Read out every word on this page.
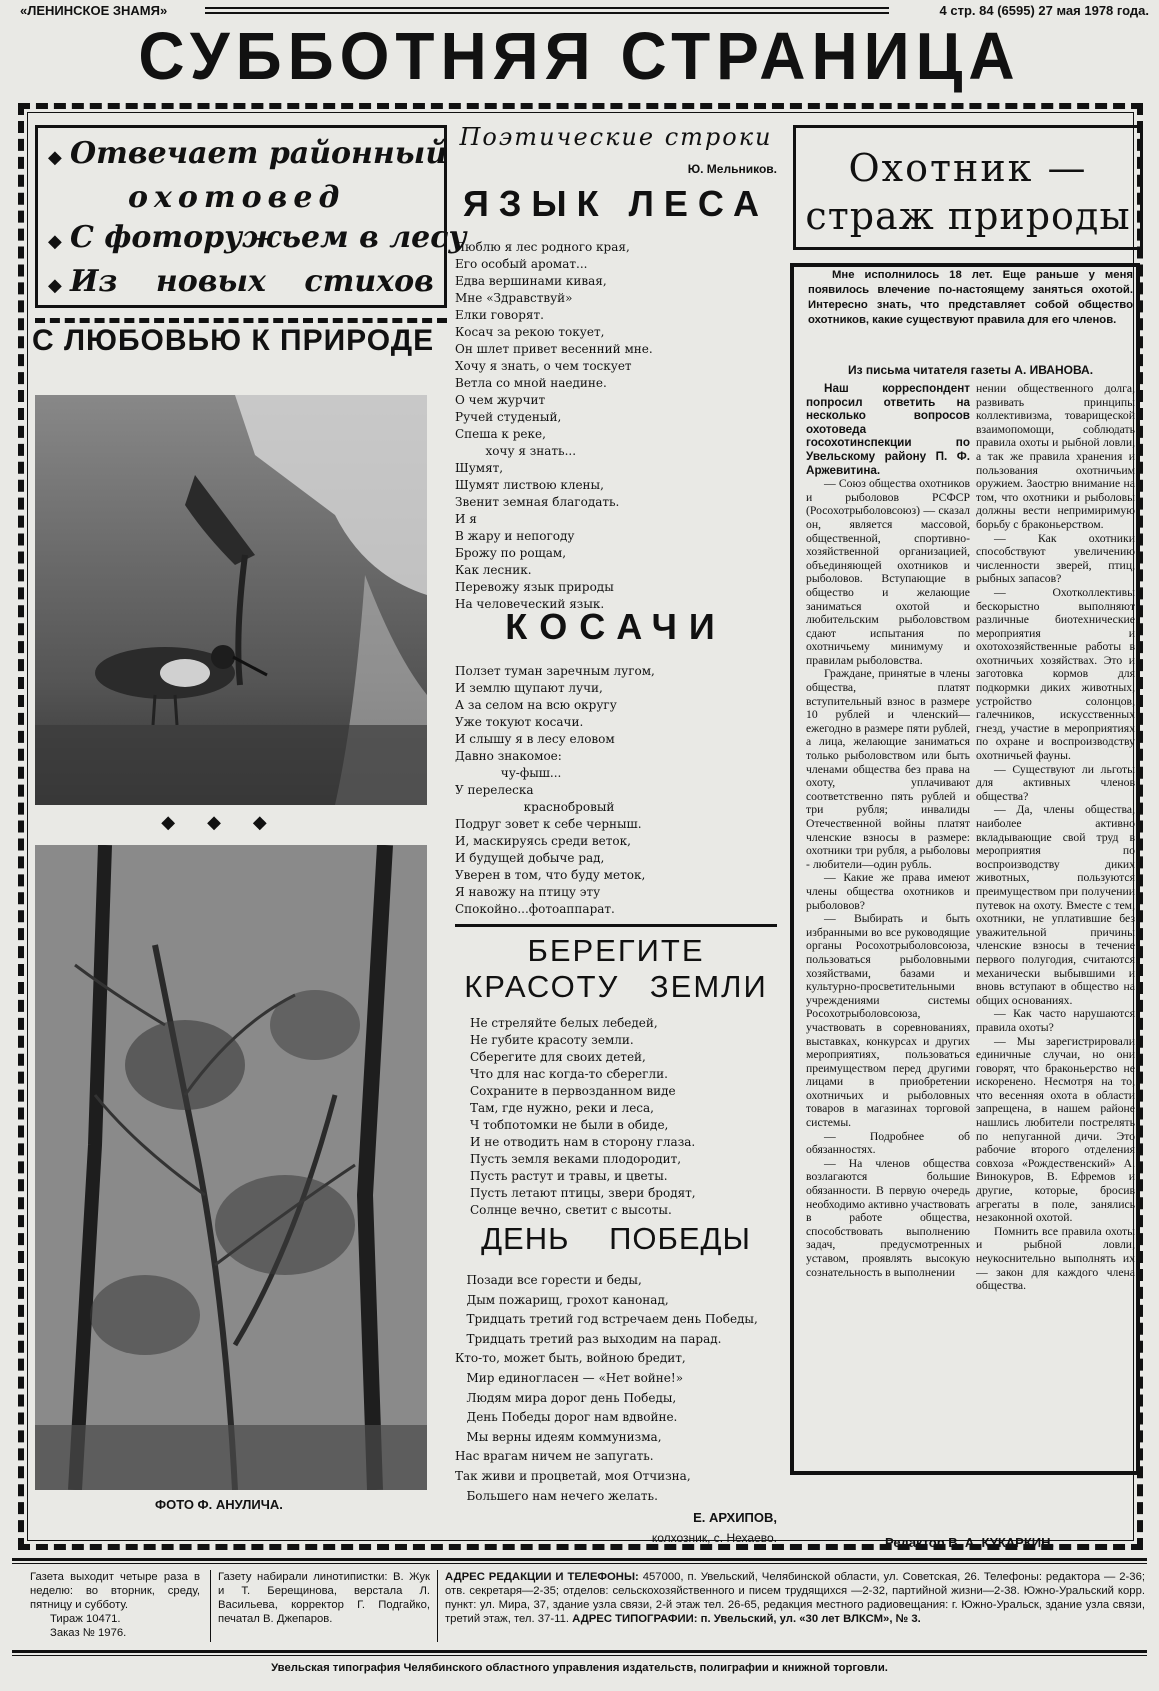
«ЛЕНИНСКОЕ ЗНАМЯ»	4 стр. 84 (6595) 27 мая 1978 года.
СУББОТНЯЯ СТРАНИЦА
◆ Отвечает районный
охотовед
◆ С фоторужьем в лесу
◆ Из новых стихов
С ЛЮБОВЬЮ К ПРИРОДЕ
◆◆◆
ФОТО Ф. АНУЛИЧА.
Поэтические строки
Ю. Мельников.
ЯЗЫК ЛЕСА
Люблю я лес родного края,
Его особый аромат...
Едва вершинами кивая,
Мне «Здравствуй»
Елки говорят.
Косач за рекою токует,
Он шлет привет весенний мне.
Хочу я знать, о чем тоскует
Ветла со мной наедине.
О чем журчит
Ручей студеный,
Спеша к реке,
хочу я знать...
Шумят,
Шумят листвою клены,
Звенит земная благодать.
И я
В жару и непогоду
Брожу по рощам,
Как лесник.
Перевожу язык природы
На человеческий язык.
КОСАЧИ
Ползет туман заречным лугом,
И землю щупают лучи,
А за селом на всю округу
Уже токуют косачи.
И слышу я в лесу еловом
Давно знакомое:
чу-фыш...
У перелеска
краснобровый
Подруг зовет к себе черныш.
И, маскируясь среди веток,
И будущей добыче рад,
Уверен в том, что буду меток,
Я навожу на птицу эту
Спокойно...фотоаппарат.
БЕРЕГИТЕ
КРАСОТУ ЗЕМЛИ
Не стреляйте белых лебедей,
Не губите красоту земли.
Сберегите для своих детей,
Что для нас когда-то сберегли.
Сохраните в первозданном виде
Там, где нужно, реки и леса,
Ч тобпотомки не были в обиде,
И не отводить нам в сторону глаза.
Пусть земля веками плодородит,
Пусть растут и травы, и цветы.
Пусть летают птицы, звери бродят,
Солнце вечно, светит с высоты.
ДЕНЬ ПОБЕДЫ
Позади все горести и беды,
Дым пожарищ, грохот канонад,
Тридцать третий год встречаем день Победы,
Тридцать третий раз выходим на парад.
Кто-то, может быть, войною бредит,
Мир единогласен — «Нет войне!»
Людям мира дорог день Победы,
День Победы дорог нам вдвойне.
Мы верны идеям коммунизма,
Нас врагам ничем не запугать.
Так живи и процветай, моя Отчизна,
Большего нам нечего желать.
Е. АРХИПОВ,
колхозник, с. Нехаево.
Охотник —
страж природы
Мне исполнилось 18 лет. Еще раньше у меня появилось влечение по-настоящему заняться охотой. Интересно знать, что представляет собой общество охотников, какие существуют правила для его членов.
Из письма читателя газеты А. ИВАНОВА.

Наш корреспондент попросил ответить на несколько вопросов охотоведа госохотинспекции по Увельскому району П. Ф. Аржевитина.

— Союз общества охотников и рыболовов РСФСР (Росохотрыболовсоюз) — сказал он, является массовой, общественной, спортивно-хозяйственной организацией, объединяющей охотников и рыболовов. Вступающие в общество и желающие заниматься охотой и любительским рыболовством сдают испытания по охотничьему минимуму и правилам рыболовства.

Граждане, принятые в члены общества, платят вступительный взнос в размере 10 рублей и членский—ежегодно в размере пяти рублей, а лица, желающие заниматься только рыболовством или быть членами общества без права на охоту, уплачивают соответственно пять рублей и три рубля; инвалиды Отечественной войны платят членские взносы в размере: охотники три рубля, а рыболовы - любители—один рубль.

— Какие же права имеют члены общества охотников и рыболовов?

— Выбирать и быть избранными во все руководящие органы Росохотрыболовсоюза, пользоваться рыболовными хозяйствами, базами и культурно-просветительными учреждениями системы Росохотрыболовсоюза, участвовать в соревнованиях, выставках, конкурсах и других мероприятиях, пользоваться преимуществом перед другими лицами в приобретении охотничьих и рыболовных товаров в магазинах торговой системы.

— Подробнее об обязанностях.

— На членов общества возлагаются большие обязанности. В первую очередь необходимо активно участвовать в работе общества, способствовать выполнению задач, предусмотренных уставом, проявлять высокую сознательность в выполнении

нении общественного долга, развивать принципы коллективизма, товарищеской взаимопомощи, соблюдать правила охоты и рыбной ловли, а так же правила хранения и пользования охотничьим оружием. Заострю внимание на том, что охотники и рыболовы должны вести непримиримую борьбу с браконьерством.

— Как охотники способствуют увеличению численности зверей, птиц, рыбных запасов?

— Охотколлективы бескорыстно выполняют различные биотехнические мероприятия и охотохозяйственные работы в охотничьих хозяйствах. Это и заготовка кормов для подкормки диких животных, устройство солонцов, галечников, искусственных гнезд, участие в мероприятиях по охране и воспроизводству охотничьей фауны.

— Существуют ли льготы для активных членов общества?

— Да, члены общества, наиболее активно вкладывающие свой труд в мероприятия по воспроизводству диких животных, пользуются преимуществом при получении путевок на охоту. Вместе с тем, охотники, не уплатившие без уважительной причины членские взносы в течение первого полугодия, считаются механически выбывшими и вновь вступают в общество на общих основаниях.

— Как часто нарушаются правила охоты?

— Мы зарегистрировали единичные случаи, но они говорят, что браконьерство не искоренено. Несмотря на то, что весенняя охота в области запрещена, в нашем районе нашлись любители пострелять по непуганной дичи. Это рабочие второго отделения совхоза «Рождественский» А. Винокуров, В. Ефремов и другие, которые, бросив агрегаты в поле, занялись незаконной охотой.

Помнить все правила охоты и рыбной ловли, неукоснительно выполнять их — закон для каждого члена общества.

Редактор В. А. КУКАРКИН.
Газета выходит четыре раза в неделю: во вторник, среду, пятницу и субботу.
Тираж 10471.
Заказ № 1976.
Газету набирали линотипистки: В. Жук и Т. Берещинова, верстала Л. Васильева, корректор Г. Подгайко, печатал В. Джепаров.
АДРЕС РЕДАКЦИИ И ТЕЛЕФОНЫ: 457000, п. Увельский, Челябинской области, ул. Советская, 26. Телефоны: редактора — 2-36; отв. секретаря—2-35; отделов: сельскохозяйственного и писем трудящихся —2-32, партийной жизни—2-38. Южно-Уральский корр. пункт: ул. Мира, 37, здание узла связи, 2-й этаж тел. 26-65, редакция местного радиовещания: г. Южно-Уральск, здание узла связи, третий этаж, тел. 37-11. АДРЕС ТИПОГРАФИИ: п. Увельский, ул. «30 лет ВЛКСМ», № 3.
Увельская типография Челябинского областного управления издательств, полиграфии и книжной торговли.
